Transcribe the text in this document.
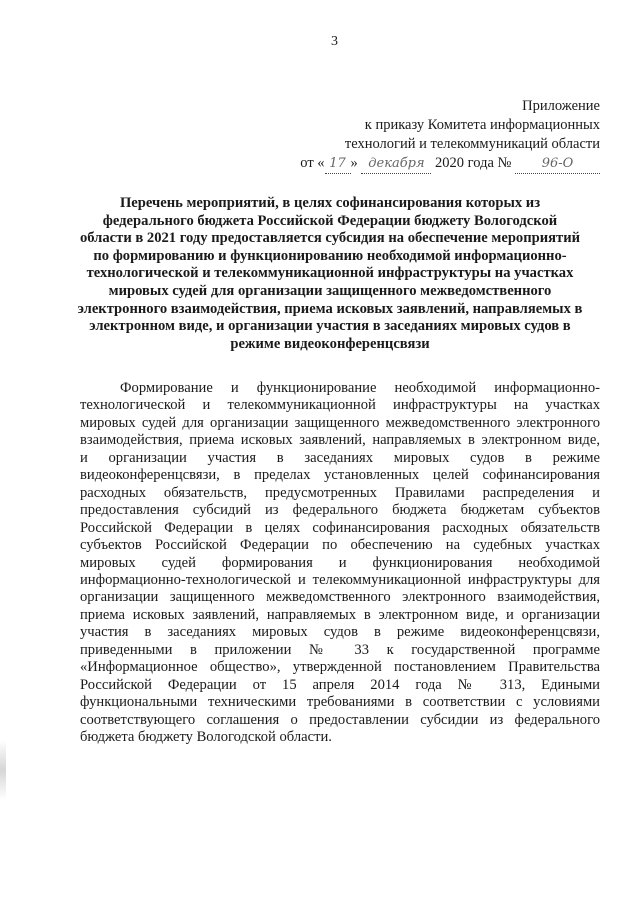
3
Приложение
к приказу Комитета информационных
технологий и телекоммуникаций области
от « 17 » декабря 2020 года № 96-О
Перечень мероприятий, в целях софинансирования которых из
федерального бюджета Российской Федерации бюджету Вологодской
области в 2021 году предоставляется субсидия на обеспечение мероприятий
по формированию и функционированию необходимой информационно-
технологической и телекоммуникационной инфраструктуры на участках
мировых судей для организации защищенного межведомственного
электронного взаимодействия, приема исковых заявлений, направляемых в
электронном виде, и организации участия в заседаниях мировых судов в
режиме видеоконференцсвязи
Формирование и функционирование необходимой информационно-
технологической и телекоммуникационной инфраструктуры на участках
мировых судей для организации защищенного межведомственного электронного
взаимодействия, приема исковых заявлений, направляемых в электронном виде,
и организации участия в заседаниях мировых судов в режиме
видеоконференцсвязи, в пределах установленных целей софинансирования
расходных обязательств, предусмотренных Правилами распределения и
предоставления субсидий из федерального бюджета бюджетам субъектов
Российской Федерации в целях софинансирования расходных обязательств
субъектов Российской Федерации по обеспечению на судебных участках
мировых судей формирования и функционирования необходимой
информационно-технологической и телекоммуникационной инфраструктуры для
организации защищенного межведомственного электронного взаимодействия,
приема исковых заявлений, направляемых в электронном виде, и организации
участия в заседаниях мировых судов в режиме видеоконференцсвязи,
приведенными в приложении № 33 к государственной программе
«Информационное общество», утвержденной постановлением Правительства
Российской Федерации от 15 апреля 2014 года № 313, Едиными
функциональными техническими требованиями в соответствии с условиями
соответствующего соглашения о предоставлении субсидии из федерального
бюджета бюджету Вологодской области.
